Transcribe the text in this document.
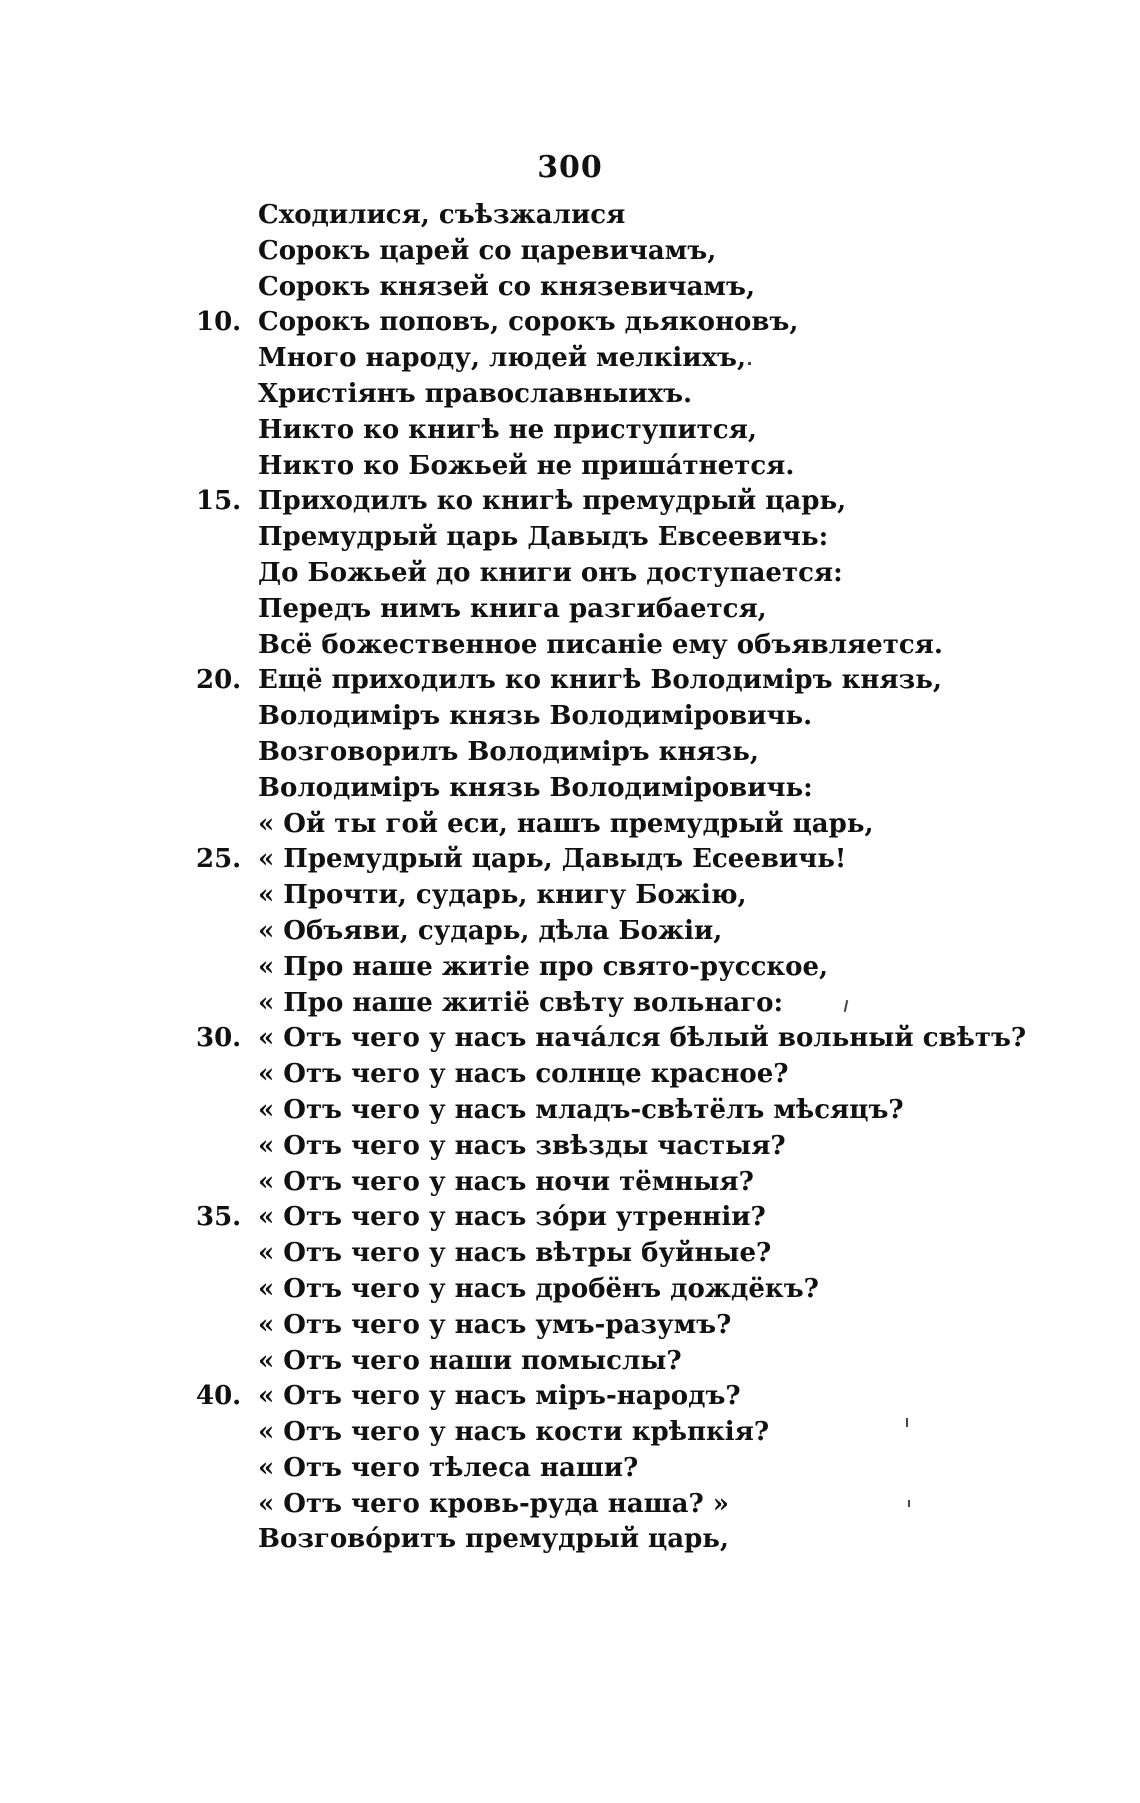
300
Сходилися, съѣзжалися
Сорокъ царей со царевичамъ,
Сорокъ князей со князевичамъ,
10. Сорокъ поповъ, сорокъ дьяконовъ,
Много народу, людей мелкiихъ,
Христiянъ православныихъ.
Никто ко книгѣ не приступится,
Никто ко Божьей не пришáтнется.
15. Приходилъ ко книгѣ премудрый царь,
Премудрый царь Давыдъ Евсеевичь:
До Божьей до книги онъ доступается:
Передъ нимъ книга разгибается,
Всё божественное писанiе ему объявляется.
20. Ещё приходилъ ко книгѣ Володимiръ князь,
Володимiръ князь Володимiровичь.
Возговорилъ Володимiръ князь,
Володимiръ князь Володимiровичь:
« Ой ты гой еси, нашъ премудрый царь,
25. « Премудрый царь, Давыдъ Есеевичь!
« Прочти, сударь, книгу Божiю,
« Объяви, сударь, дѣла Божiи,
« Про наше житiе про свято-русское,
« Про наше житiё свѣту вольнаго:
30. « Отъ чего у насъ начáлся бѣлый вольный свѣтъ?
« Отъ чего у насъ солнце красное?
« Отъ чего у насъ младъ-свѣтёлъ мѣсяцъ?
« Отъ чего у насъ звѣзды частыя?
« Отъ чего у насъ ночи тёмныя?
35. « Отъ чего у насъ зóри утреннiи?
« Отъ чего у насъ вѣтры буйные?
« Отъ чего у насъ дробёнъ дождёкъ?
« Отъ чего у насъ умъ-разумъ?
« Отъ чего наши помыслы?
40. « Отъ чего у насъ мiръ-народъ?
« Отъ чего у насъ кости крѣпкiя?
« Отъ чего тѣлеса наши?
« Отъ чего кровь-руда наша? »
Возговóритъ премудрый царь,
